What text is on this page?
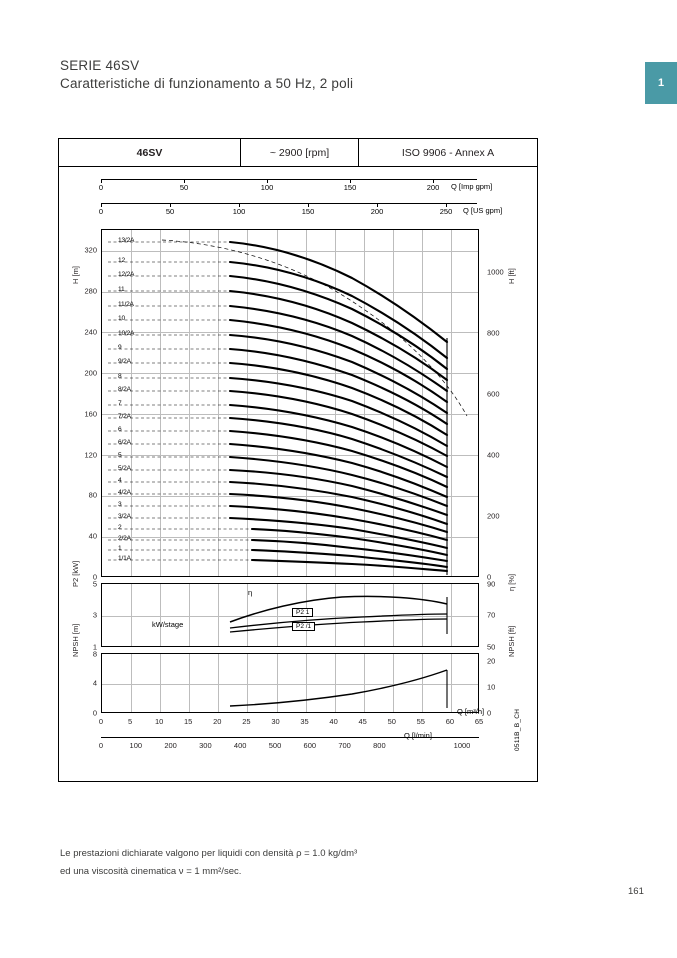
SERIE 46SV
Caratteristiche di funzionamento a 50 Hz, 2 poli	1
46SV	~ 2900 [rpm]	ISO 9906 - Annex A
0	50	100	150	200 Q [Imp gpm]
0	50	100	150	200	250 Q [US gpm]
13/2A
12
12/2A
11
11/2A
10
10/2A
9
9/2A
8
8/2A
7
7/2A
6
6/2A
5
5/2A
4
4/2A
3
3/2A
2
2/2A
1
1/1A
320
280
240
200
160
120
80
40
0
H [m]	1000
800
600
400
200
0
H [ft]
η
kW/stage
P2 1
P2 /1
5
3
1
P2 [kW]	90
70
50
η [%]
8
4
0
NPSH [m]
20
10
0
NPSH [ft]
0	5	10	15	20	25	30	35	40	45	50	55	60	65
Q [m³/h]
0	100	200	300	400	500	600	700	800	1000
Q [l/min]	0511B_B_CH
Le prestazioni dichiarate valgono per liquidi con densità ρ = 1.0 kg/dm³
ed una viscosità cinematica ν = 1 mm²/sec.
161
